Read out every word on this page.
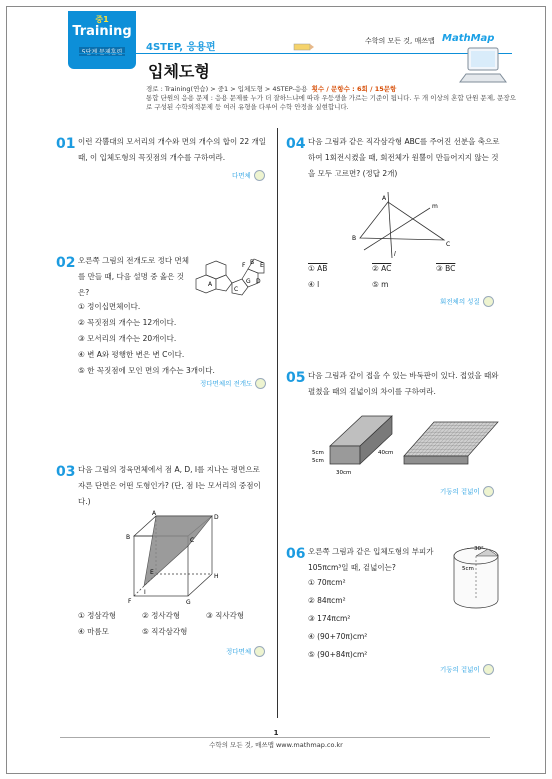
중1
Training
4STEP, 응용편
입체도형
수학의 모든 것, 매쓰맵 MathMap
경로 : Training(연습) > 중1 > 입체도형 > 4STEP-응용 횟수 / 문항수 : 6회 / 15문항
통합 단원의 응용 문제 : 응용 문제를 누가 더 잘하느냐에 따라 우등생을 가르는 기준이 됩니다. 두 개 이상의 혼합 단원 문제, 문장으로 구성된 수학외적문제 등 여러 유형을 다루어 수학 안정을 실현합니다.
01 이런 각뿔대의 모서리의 개수와 면의 개수의 합이 22 개일 때, 이 입체도형의 꼭짓점의 개수를 구하여라.
다면체
02 오른쪽 그림의 전개도로 정다 면체를 만들 때, 다음 설명 중 옳은 것은?
A
B
C
D
E
F
G
① 정이십면체이다.
② 꼭짓점의 개수는 12개이다.
③ 모서리의 개수는 20개이다.
④ 변 A와 평행한 변은 변 C이다.
⑤ 한 꼭짓점에 모인 면의 개수는 3개이다.
정다면체의 전개도
03 다음 그림의 정육면체에서 점 A, D, I를 지나는 평면으로 자른 단면은 어떤 도형인가? (단, 점 I는 모서리의 중점이다.)
A
B	C
D
E
F	G
H
I
① 정삼각형	② 정사각형	③ 직사각형
④ 마름모	⑤ 직각삼각형
정다면체
04 다음 그림과 같은 직각삼각형 ABC를 주어진 선분을 축으로 하여 1회전시켰을 때, 회전체가 원뿔이 만들어지지 않는 것을 모두 고르면? (정답 2개)
A
B
C
l
m
① AB	② AC	③ BC
④ l	⑤ m
회전체의 성질
05 다음 그림과 같이 접을 수 있는 바둑판이 있다. 접었을 때와 펼쳤을 때의 겉넓이의 차이를 구하여라.
5cm
5cm
40cm
30cm
기둥의 겉넓이
06 오른쪽 그림과 같은 입체도형의 부피가 105πcm³일 때, 겉넓이는?
30°
5cm
① 70πcm²
② 84πcm²
③ 174πcm²
④ (90+70π)cm²
⑤ (90+84π)cm²
기둥의 겉넓이
1
수학의 모든 것, 매쓰맵 www.mathmap.co.kr
